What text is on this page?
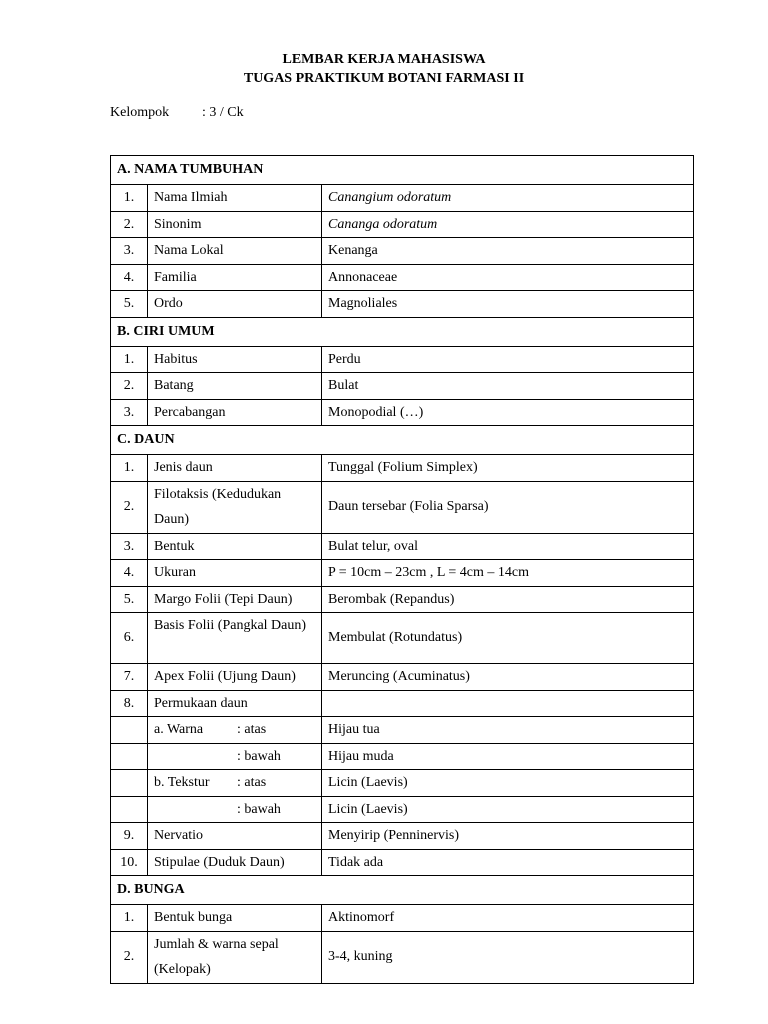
LEMBAR KERJA MAHASISWA
TUGAS PRAKTIKUM BOTANI FARMASI II
Kelompok : 3 / Ck
A. NAMA TUMBUHAN		
1.	Nama Ilmiah	Canangium odoratum
2.	Sinonim	Cananga odoratum
3.	Nama Lokal	Kenanga
4.	Familia	Annonaceae
5.	Ordo	Magnoliales
B. CIRI UMUM		
1.	Habitus	Perdu
2.	Batang	Bulat
3.	Percabangan	Monopodial (…)
C. DAUN		
1.	Jenis daun	Tunggal (Folium Simplex)
2.	Filotaksis (Kedudukan Daun)	Daun tersebar (Folia Sparsa)
3.	Bentuk	Bulat telur, oval
4.	Ukuran	P = 10cm – 23cm , L = 4cm – 14cm
5.	Margo Folii (Tepi Daun)	Berombak (Repandus)
6.	Basis Folii (Pangkal Daun)	Membulat (Rotundatus)
7.	Apex Folii (Ujung Daun)	Meruncing (Acuminatus)
8.	Permukaan daun	
	a. Warna : atas	Hijau tua
	: bawah	Hijau muda
	b. Tekstur : atas	Licin (Laevis)
	: bawah	Licin (Laevis)
9.	Nervatio	Menyirip (Penninervis)
10.	Stipulae (Duduk Daun)	Tidak ada
D. BUNGA		
1.	Bentuk bunga	Aktinomorf
2.	Jumlah & warna sepal (Kelopak)	3-4, kuning
